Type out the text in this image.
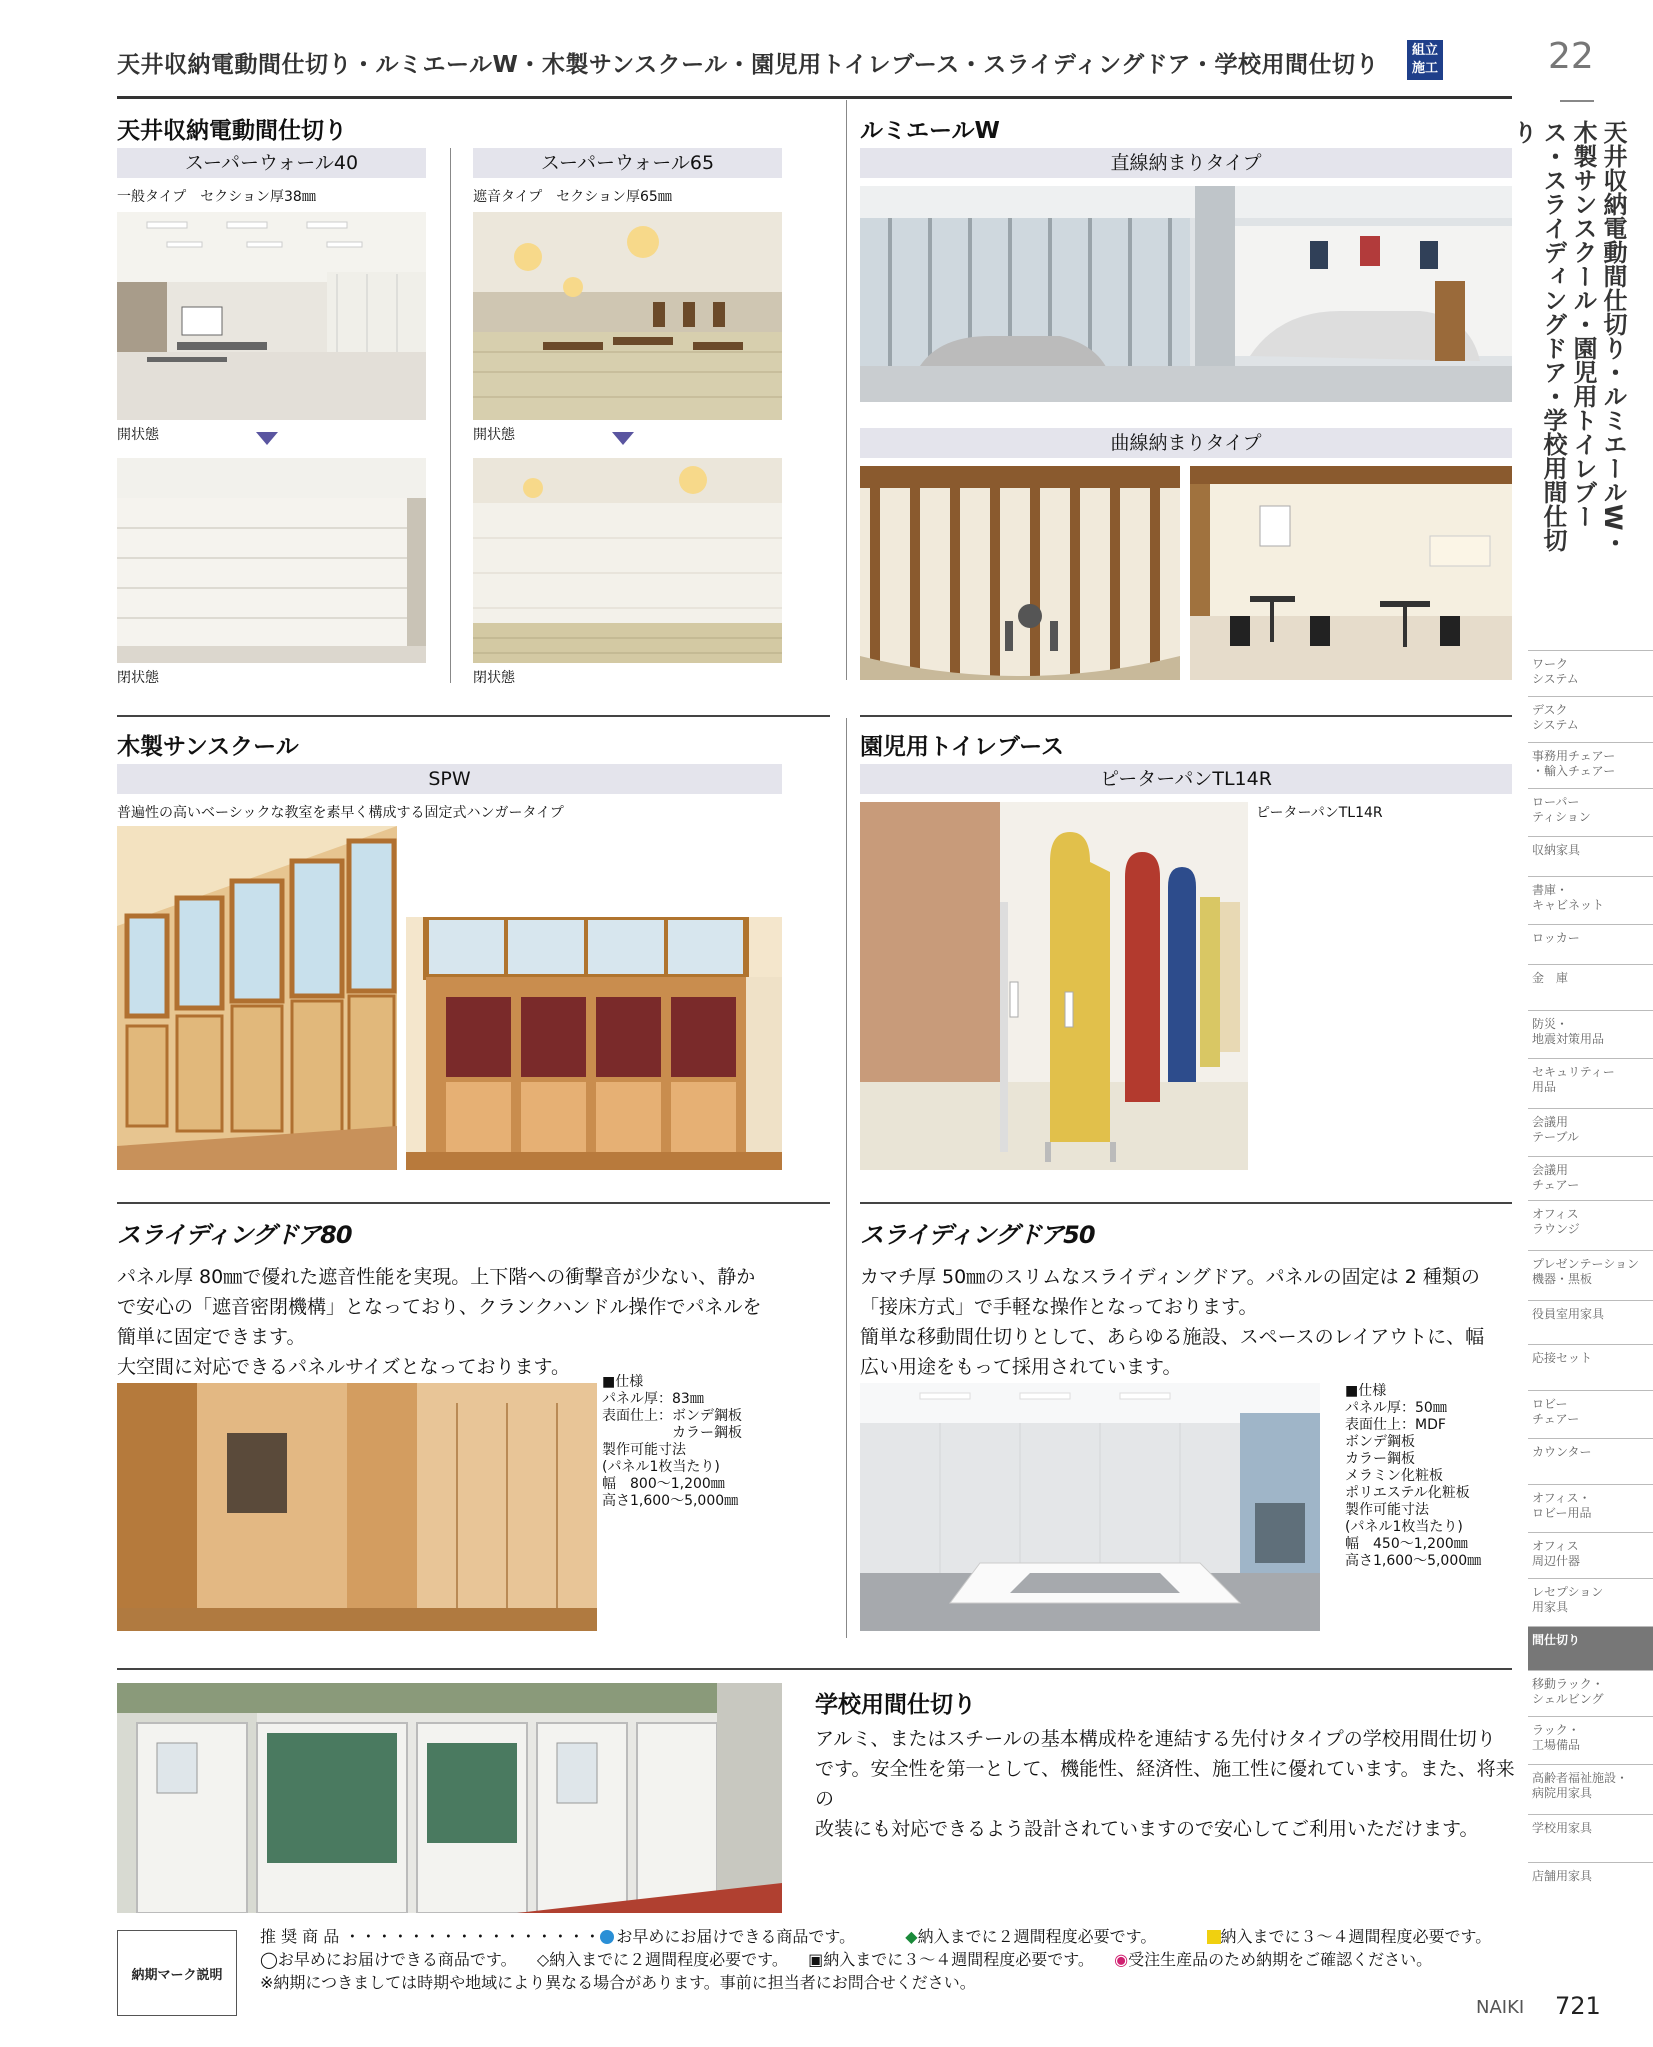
天井収納電動間仕切り・ルミエールW・木製サンスクール・園児用トイレブース・スライディングドア・学校用間仕切り
組立施工	22
天井収納電動間仕切り・ルミエールW・木製サンスクール・園児用トイレブース・スライディングドア・学校用間仕切り
天井収納電動間仕切り
スーパーウォール40	スーパーウォール65
一般タイプ　セクション厚38㎜	遮音タイプ　セクション厚65㎜
開状態
閉状態
開状態
閉状態
ルミエールW
直線納まりタイプ
曲線納まりタイプ
木製サンスクール
SPW
普遍性の高いベーシックな教室を素早く構成する固定式ハンガータイプ
園児用トイレブース
ピーターパンTL14R
ピーターパンTL14R
スライディングドア80
パネル厚 80㎜で優れた遮音性能を実現。上下階への衝撃音が少ない、静か
で安心の「遮音密閉機構」となっており、クランクハンドル操作でパネルを
簡単に固定できます。
大空間に対応できるパネルサイズとなっております。
■仕様
パネル厚：83㎜
表面仕上：ボンデ鋼板
　　　　　カラー鋼板
製作可能寸法
(パネル1枚当たり)
幅　800～1,200㎜
高さ1,600～5,000㎜
スライディングドア50
カマチ厚 50㎜のスリムなスライディングドア。パネルの固定は 2 種類の
「接床方式」で手軽な操作となっております。
簡単な移動間仕切りとして、あらゆる施設、スペースのレイアウトに、幅
広い用途をもって採用されています。
■仕様
パネル厚：50㎜
表面仕上：MDF
ボンデ鋼板
カラー鋼板
メラミン化粧板
ポリエステル化粧板
製作可能寸法
(パネル1枚当たり)
幅　450～1,200㎜
高さ1,600～5,000㎜
学校用間仕切り
アルミ、またはスチールの基本構成枠を連結する先付けタイプの学校用間仕切り
です。安全性を第一として、機能性、経済性、施工性に優れています。また、将来の
改装にも対応できるよう設計されていますので安心してご利用いただけます。
ワーク
システム
デスク
システム
事務用チェアー
・輸入チェアー
ローパー
ティション
収納家具
書庫・
キャビネット
ロッカー
金　庫
防災・
地震対策用品
セキュリティー
用品
会議用
テーブル
会議用
チェアー
オフィス
ラウンジ
プレゼンテーション
機器・黒板
役員室用家具
応接セット
ロビー
チェアー
カウンター
オフィス・
ロビー用品
オフィス
周辺什器
レセプション
用家具
間仕切り
移動ラック・
シェルビング
ラック・
工場備品
高齢者福祉施設・
病院用家具
学校用家具
店舗用家具
納期マーク説明
推 奨 商 品 ・・・・・・・・・・・・・・・・ お早めにお届けできる商品です。	◆納入までに２週間程度必要です。	納入までに３～４週間程度必要です。
◯お早めにお届けできる商品です。 ◇納入までに２週間程度必要です。 ▣納入までに３～４週間程度必要です。 ◉受注生産品のため納期をご確認ください。
※納期につきましては時期や地域により異なる場合があります。事前に担当者にお問合せください。
NAIKI 721
